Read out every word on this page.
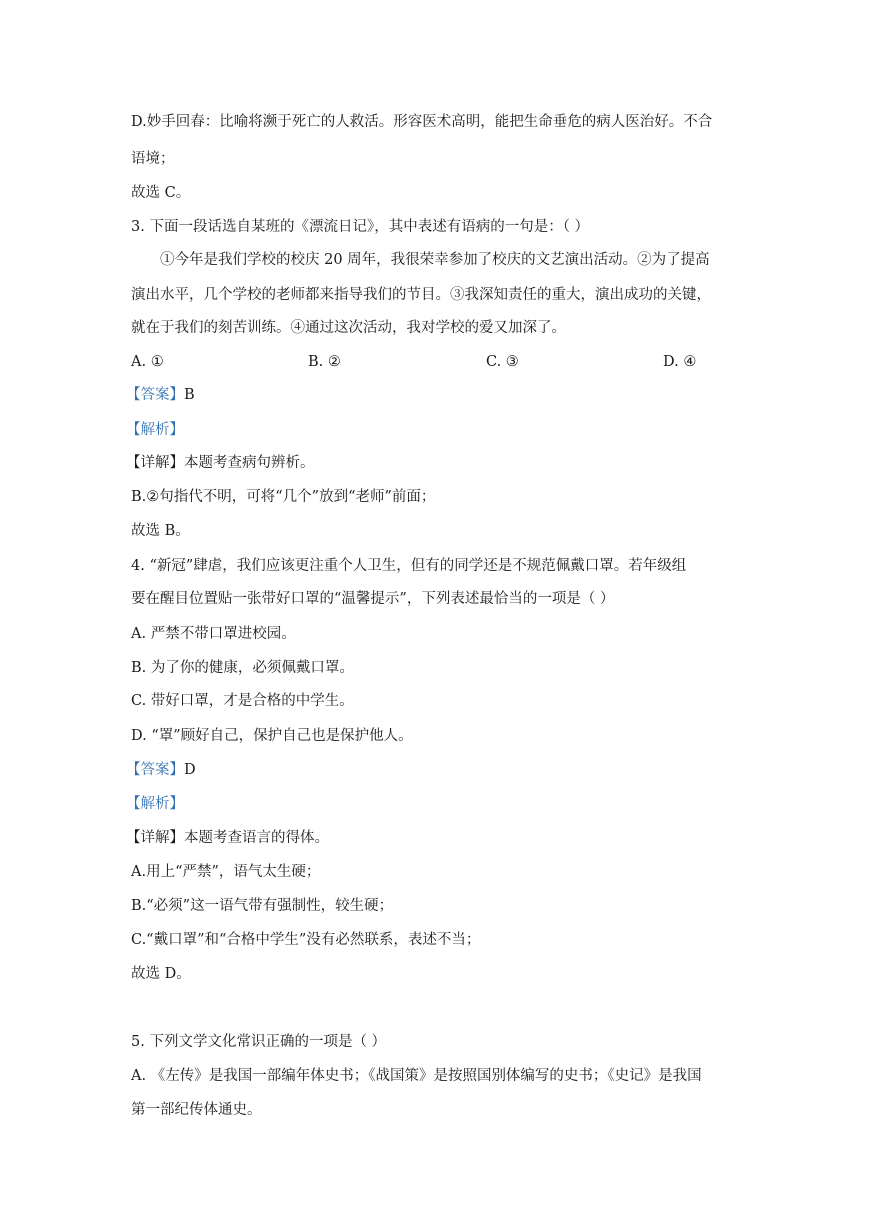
D.妙手回春：比喻将濒于死亡的人救活。形容医术高明，能把生命垂危的病人医治好。不合
语境；
故选 C。
3. 下面一段话选自某班的《漂流日记》，其中表述有语病的一句是：（ ）
①今年是我们学校的校庆 20 周年，我很荣幸参加了校庆的文艺演出活动。②为了提高
演出水平，几个学校的老师都来指导我们的节目。③我深知责任的重大，演出成功的关键，
就在于我们的刻苦训练。④通过这次活动，我对学校的爱又加深了。
A. ①	B. ②	C. ③	D. ④
【答案】B
【解析】
【详解】本题考查病句辨析。
B.②句指代不明，可将“几个”放到“老师”前面；
故选 B。
4. “新冠”肆虐，我们应该更注重个人卫生，但有的同学还是不规范佩戴口罩。若年级组
要在醒目位置贴一张带好口罩的“温馨提示”，下列表述最恰当的一项是（ ）
A. 严禁不带口罩进校园。
B. 为了你的健康，必须佩戴口罩。
C. 带好口罩，才是合格的中学生。
D. “罩”顾好自己，保护自己也是保护他人。
【答案】D
【解析】
【详解】本题考查语言的得体。
A.用上“严禁”，语气太生硬；
B.“必须”这一语气带有强制性，较生硬；
C.“戴口罩”和“合格中学生”没有必然联系，表述不当；
故选 D。
5. 下列文学文化常识正确的一项是（ ）
A. 《左传》是我国一部编年体史书；《战国策》是按照国别体编写的史书；《史记》是我国
第一部纪传体通史。
